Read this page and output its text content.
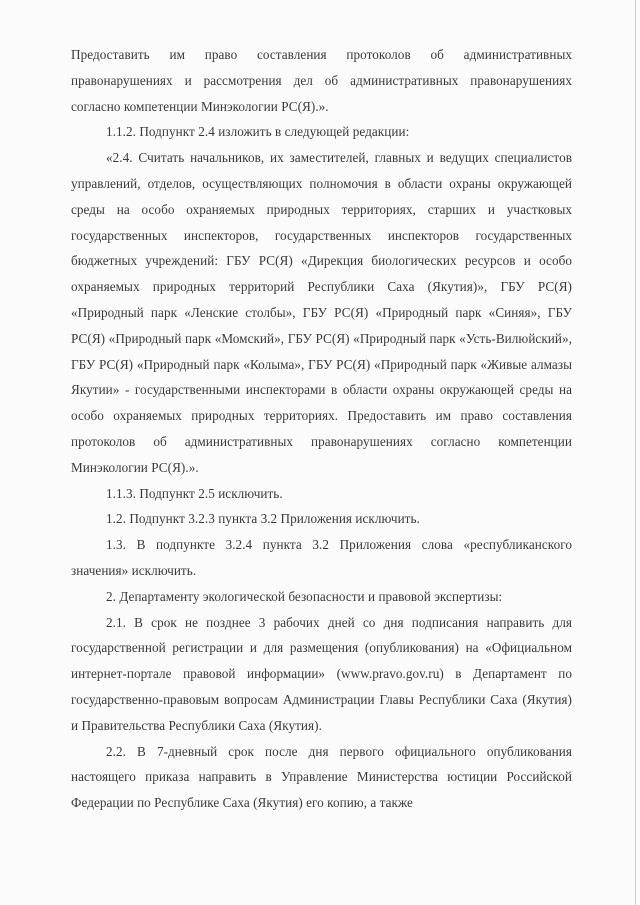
Предоставить им право составления протоколов об административных правонарушениях и рассмотрения дел об административных правонарушениях согласно компетенции Минэкологии РС(Я).».

1.1.2. Подпункт 2.4 изложить в следующей редакции:

«2.4. Считать начальников, их заместителей, главных и ведущих специалистов управлений, отделов, осуществляющих полномочия в области охраны окружающей среды на особо охраняемых природных территориях, старших и участковых государственных инспекторов, государственных инспекторов государственных бюджетных учреждений: ГБУ РС(Я) «Дирекция биологических ресурсов и особо охраняемых природных территорий Республики Саха (Якутия)», ГБУ РС(Я) «Природный парк «Ленские столбы», ГБУ РС(Я) «Природный парк «Синяя», ГБУ РС(Я) «Природный парк «Момский», ГБУ РС(Я) «Природный парк «Усть-Вилюйский», ГБУ РС(Я) «Природный парк «Колыма», ГБУ РС(Я) «Природный парк «Живые алмазы Якутии» - государственными инспекторами в области охраны окружающей среды на особо охраняемых природных территориях. Предоставить им право составления протоколов об административных правонарушениях согласно компетенции Минэкологии РС(Я).».

1.1.3. Подпункт 2.5 исключить.

1.2. Подпункт 3.2.3 пункта 3.2 Приложения исключить.

1.3. В подпункте 3.2.4 пункта 3.2 Приложения слова «республиканского значения» исключить.

2. Департаменту экологической безопасности и правовой экспертизы:

2.1. В срок не позднее 3 рабочих дней со дня подписания направить для государственной регистрации и для размещения (опубликования) на «Официальном интернет-портале правовой информации» (www.pravo.gov.ru) в Департамент по государственно-правовым вопросам Администрации Главы Республики Саха (Якутия) и Правительства Республики Саха (Якутия).

2.2. В 7-дневный срок после дня первого официального опубликования настоящего приказа направить в Управление Министерства юстиции Российской Федерации по Республике Саха (Якутия) его копию, а также
